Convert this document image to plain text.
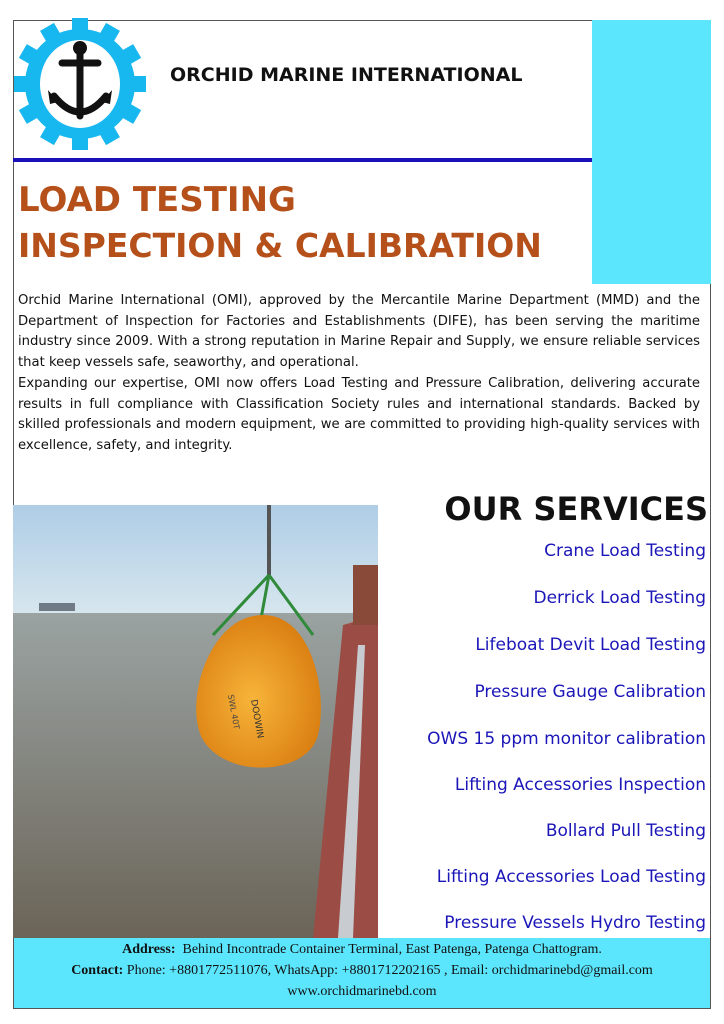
ORCHID MARINE INTERNATIONAL
LOAD TESTING
INSPECTION & CALIBRATION
Orchid Marine International (OMI), approved by the Mercantile Marine Department (MMD) and the Department of Inspection for Factories and Establishments (DIFE), has been serving the maritime industry since 2009. With a strong reputation in Marine Repair and Supply, we ensure reliable services that keep vessels safe, seaworthy, and operational.
Expanding our expertise, OMI now offers Load Testing and Pressure Calibration, delivering accurate results in full compliance with Classification Society rules and international standards. Backed by skilled professionals and modern equipment, we are committed to providing high-quality services with excellence, safety, and integrity.
DOOWIN
SWL 40T
OUR SERVICES
Crane Load Testing
Derrick Load Testing
Lifeboat Devit Load Testing
Pressure Gauge Calibration
OWS 15 ppm monitor calibration
Lifting Accessories Inspection
Bollard Pull Testing
Lifting Accessories Load Testing
Pressure Vessels Hydro Testing
Address: Behind Incontrade Container Terminal, East Patenga, Patenga Chattogram.
Contact: Phone: +8801772511076, WhatsApp: +8801712202165 , Email: orchidmarinebd@gmail.com
www.orchidmarinebd.com
